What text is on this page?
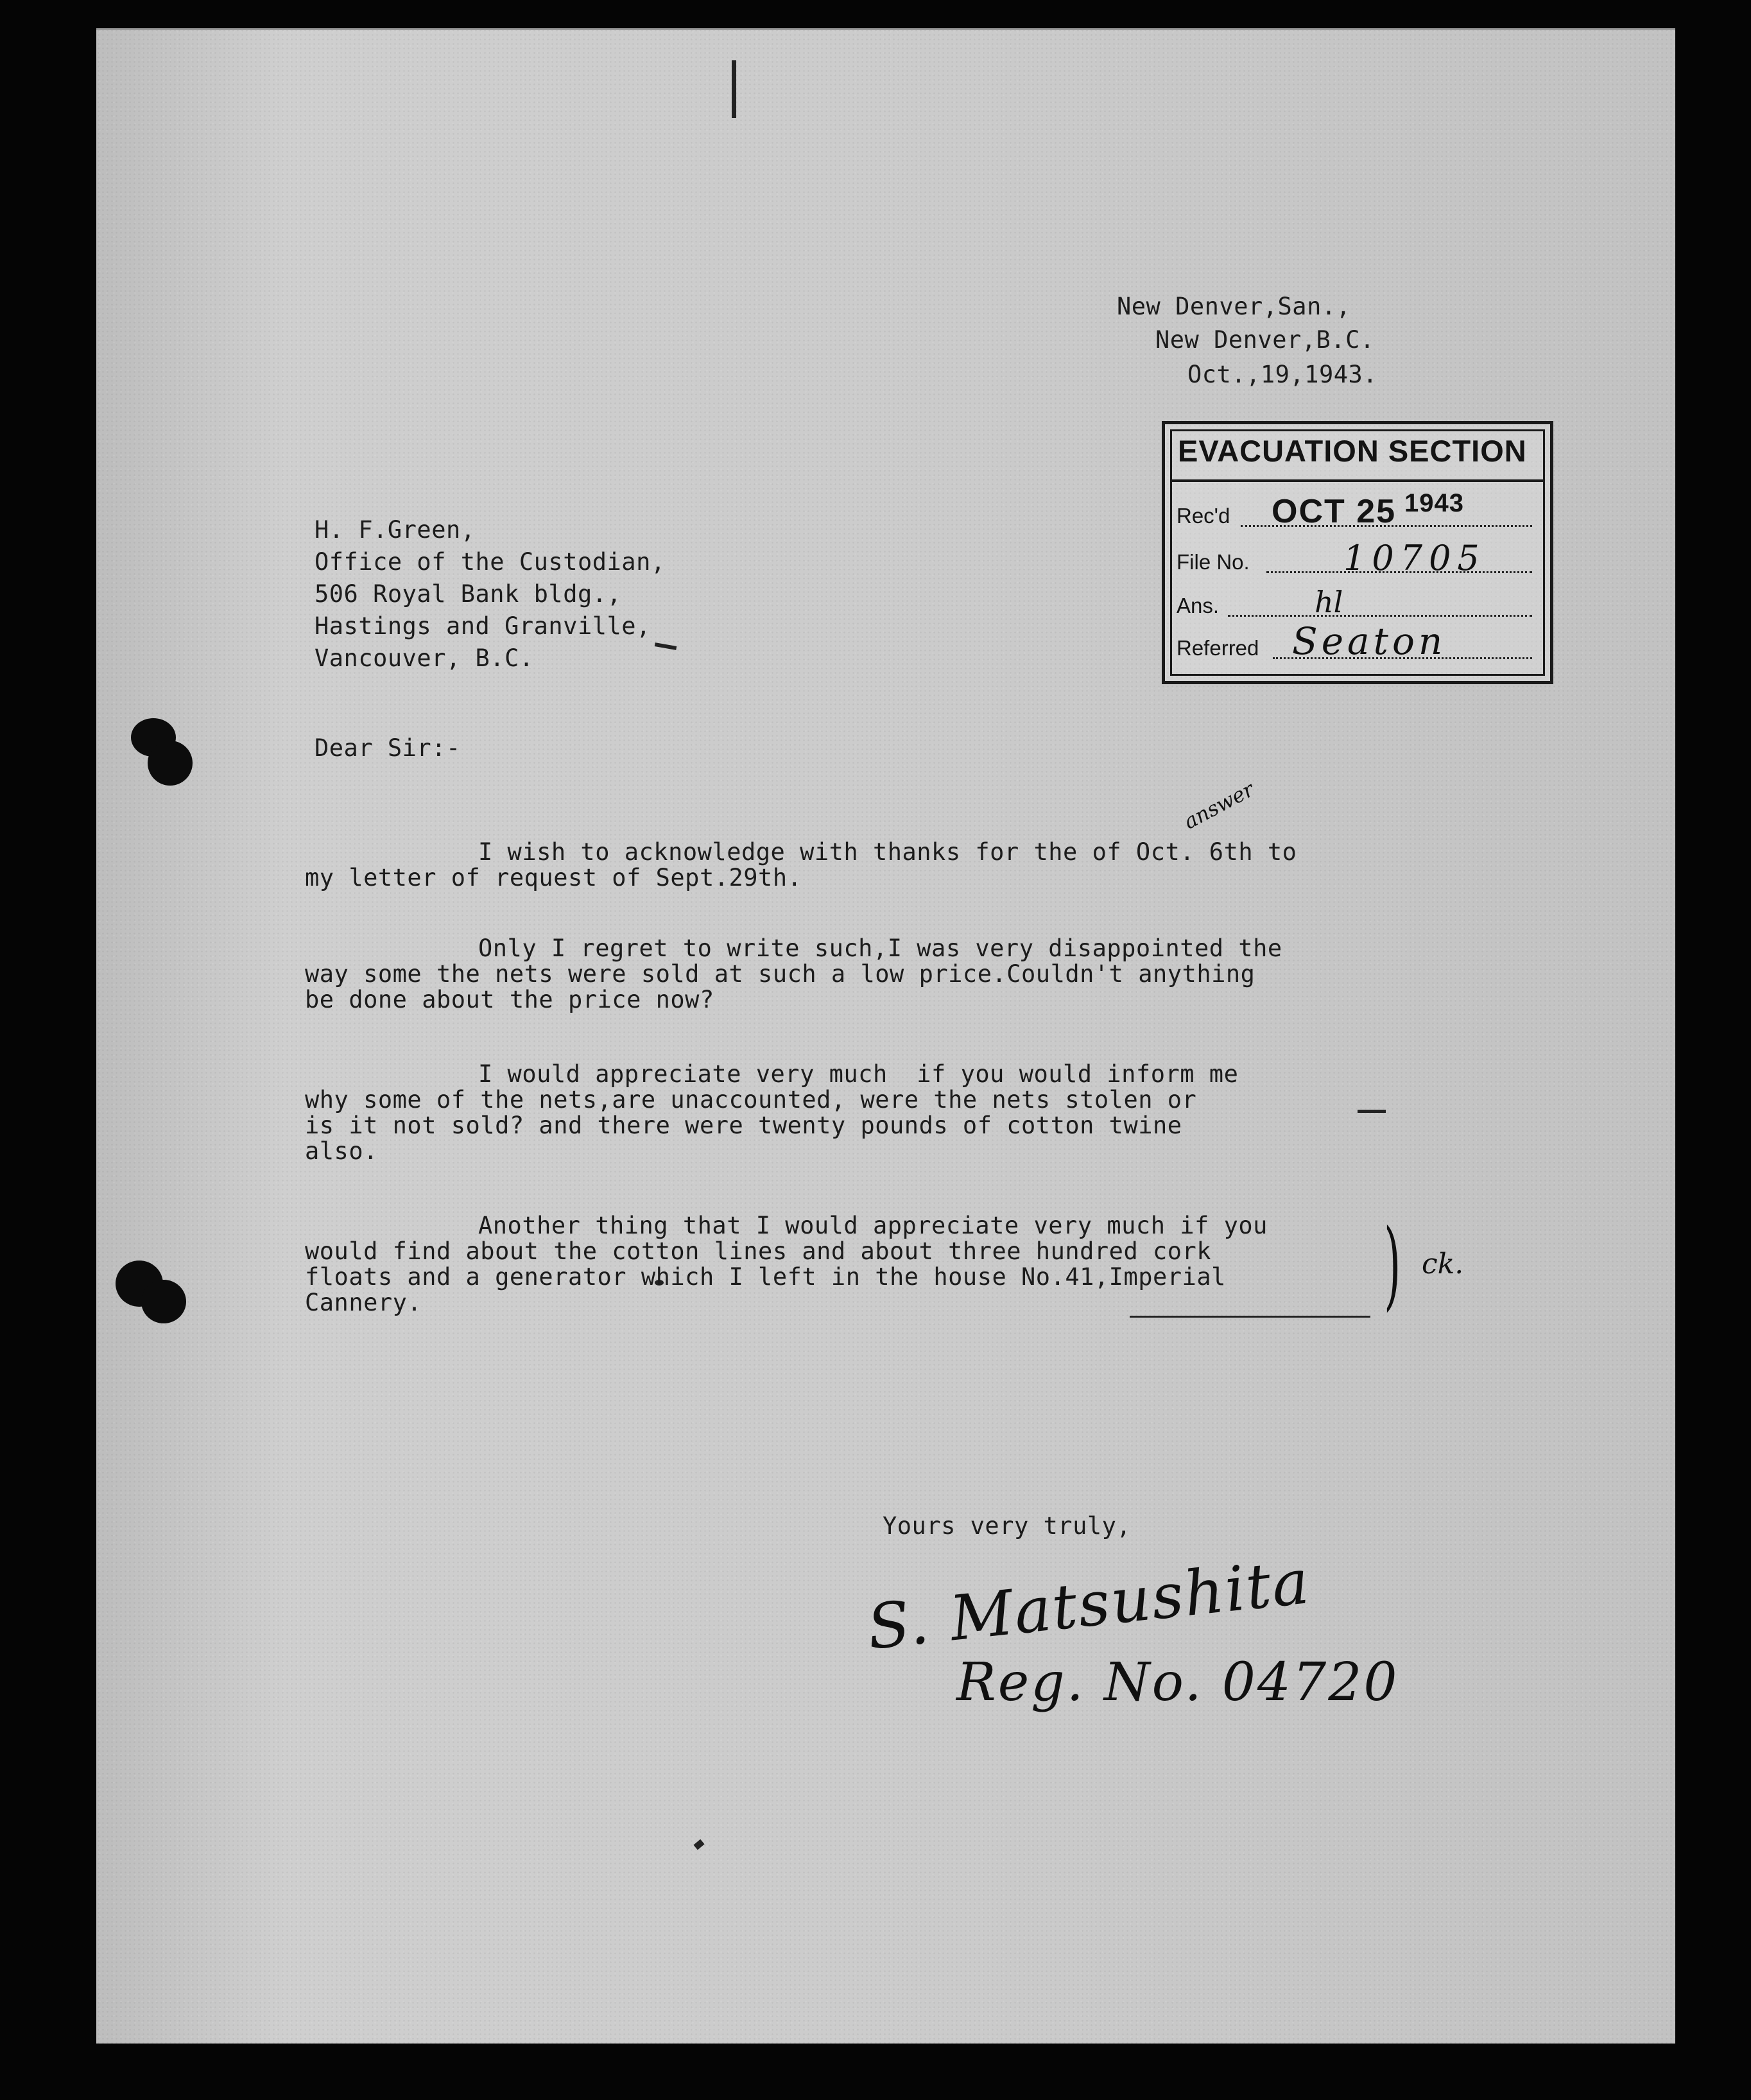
New Denver,San.,
New Denver,B.C.
Oct.,19,1943.
EVACUATION SECTION
Rec'd OCT 25 1943
File No.	10705
Ans.	hl
Referred Seaton
H. F.Green,
Office of the Custodian,
506 Royal Bank bldg.,
Hastings and Granville,
Vancouver, B.C.
Dear Sir:-
answer
I wish to acknowledge with thanks for the of Oct. 6th to
my letter of request of Sept.29th.
Only I regret to write such,I was very disappointed the
way some the nets were sold at such a low price.Couldn't anything
be done about the price now?
I would appreciate very much  if you would inform me
why some of the nets,are unaccounted, were the nets stolen or
is it not sold? and there were twenty pounds of cotton twine
also.
Another thing that I would appreciate very much if you
would find about the cotton lines and about three hundred cork
floats and a generator which I left in the house No.41,Imperial
Cannery.	) ck.
Yours very truly,
S. Matsushita
Reg. No. 04720
